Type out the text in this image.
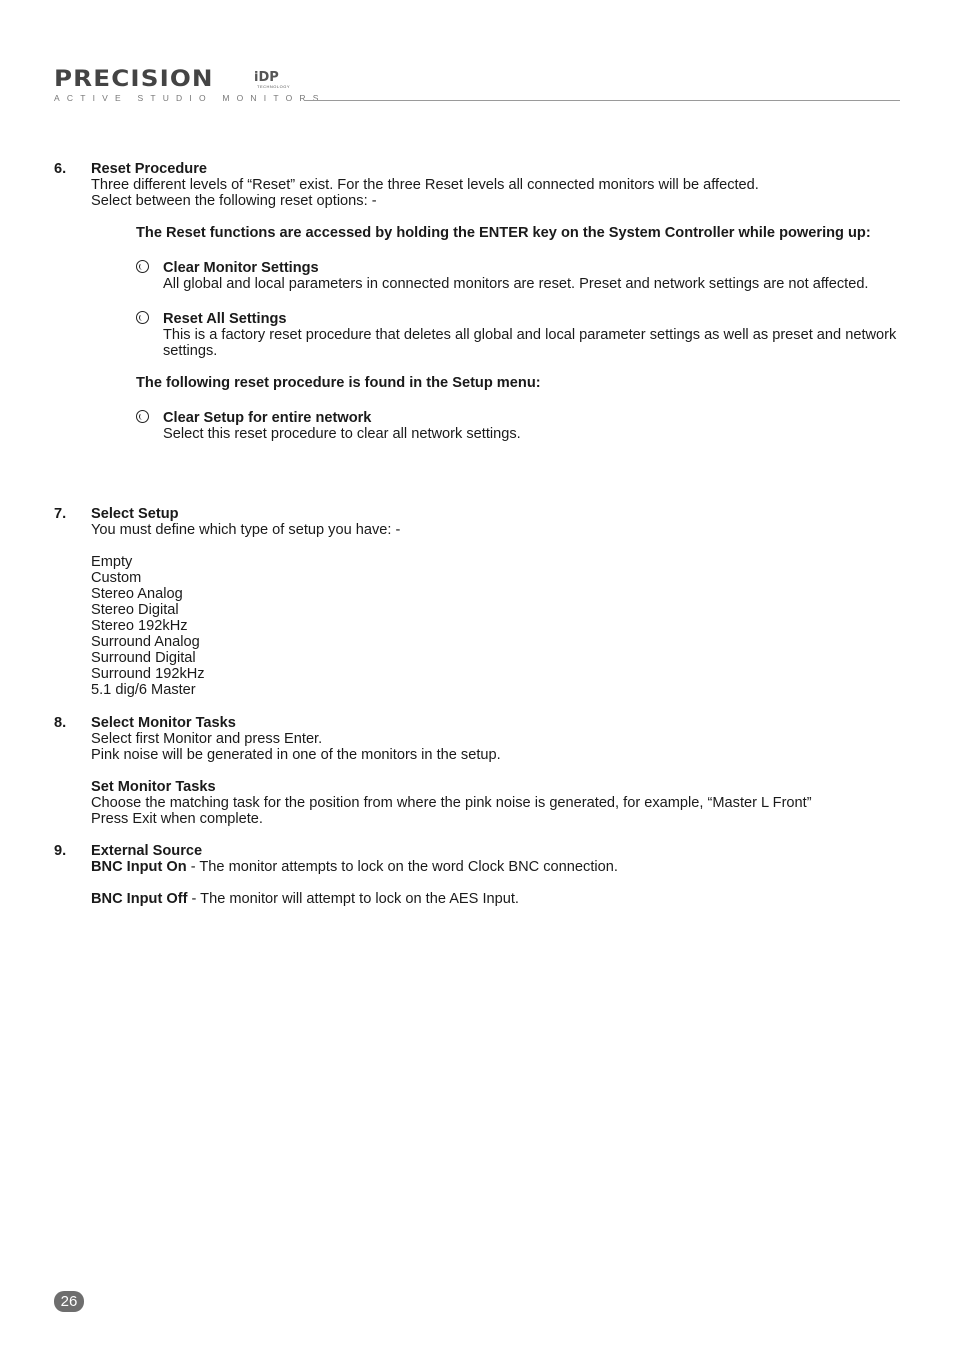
PRECISION	iDP
TECHNOLOGY
ACTIVE STUDIO MONITORS
6. Reset Procedure
Three different levels of “Reset” exist. For the three Reset levels all connected monitors will be affected.
Select between the following reset options: -
The Reset functions are accessed by holding the ENTER key on the System Controller while powering up:
Clear Monitor Settings
All global and local parameters in connected monitors are reset. Preset and network settings are not affected.
Reset All Settings
This is a factory reset procedure that deletes all global and local parameter settings as well as preset and network settings.
The following reset procedure is found in the Setup menu:
Clear Setup for entire network
Select this reset procedure to clear all network settings.
7. Select Setup
You must define which type of setup you have: -
Empty
Custom
Stereo Analog
Stereo Digital
Stereo 192kHz
Surround Analog
Surround Digital
Surround 192kHz
5.1 dig/6 Master
8. Select Monitor Tasks
Select first Monitor and press Enter.
Pink noise will be generated in one of the monitors in the setup.
Set Monitor Tasks
Choose the matching task for the position from where the pink noise is generated, for example, “Master L Front”
Press Exit when complete.
9. External Source
BNC Input On - The monitor attempts to lock on the word Clock BNC connection.
BNC Input Off - The monitor will attempt to lock on the AES Input.
26
